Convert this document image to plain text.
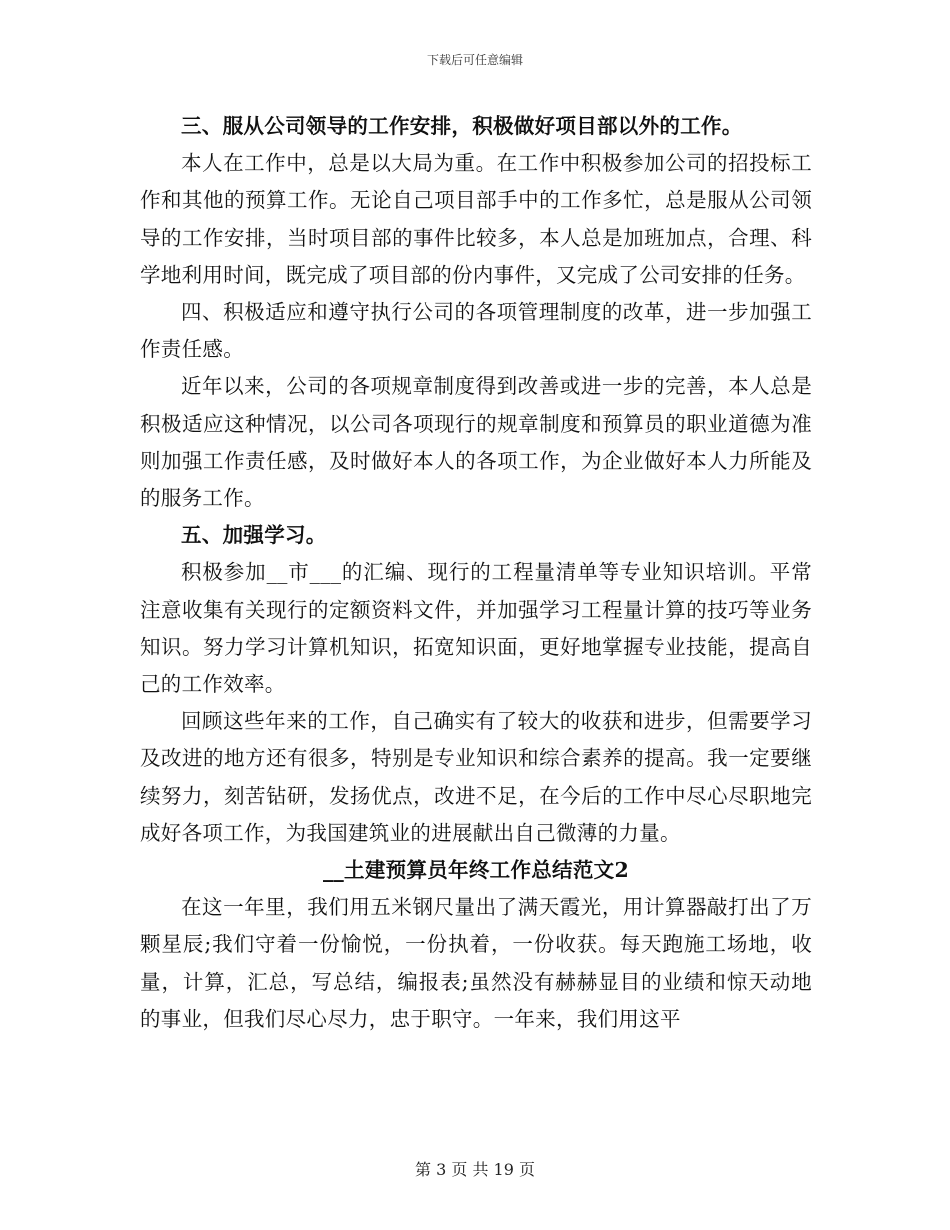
下载后可任意编辑

三、服从公司领导的工作安排，积极做好项目部以外的工作。

本人在工作中，总是以大局为重。在工作中积极参加公司的招投标工作和其他的预算工作。无论自己项目部手中的工作多忙，总是服从公司领导的工作安排，当时项目部的事件比较多，本人总是加班加点，合理、科学地利用时间，既完成了项目部的份内事件，又完成了公司安排的任务。

四、积极适应和遵守执行公司的各项管理制度的改革，进一步加强工作责任感。

近年以来，公司的各项规章制度得到改善或进一步的完善，本人总是积极适应这种情况，以公司各项现行的规章制度和预算员的职业道德为准则加强工作责任感，及时做好本人的各项工作，为企业做好本人力所能及的服务工作。

五、加强学习。

积极参加__市___的汇编、现行的工程量清单等专业知识培训。平常注意收集有关现行的定额资料文件，并加强学习工程量计算的技巧等业务知识。努力学习计算机知识，拓宽知识面，更好地掌握专业技能，提高自己的工作效率。

回顾这些年来的工作，自己确实有了较大的收获和进步，但需要学习及改进的地方还有很多，特别是专业知识和综合素养的提高。我一定要继续努力，刻苦钻研，发扬优点，改进不足，在今后的工作中尽心尽职地完成好各项工作，为我国建筑业的进展献出自己微薄的力量。

__土建预算员年终工作总结范文2

在这一年里，我们用五米钢尺量出了满天霞光，用计算器敲打出了万颗星辰;我们守着一份愉悦，一份执着，一份收获。每天跑施工场地，收量，计算，汇总，写总结，编报表;虽然没有赫赫显目的业绩和惊天动地的事业，但我们尽心尽力，忠于职守。一年来，我们用这平

第 3 页 共 19 页
